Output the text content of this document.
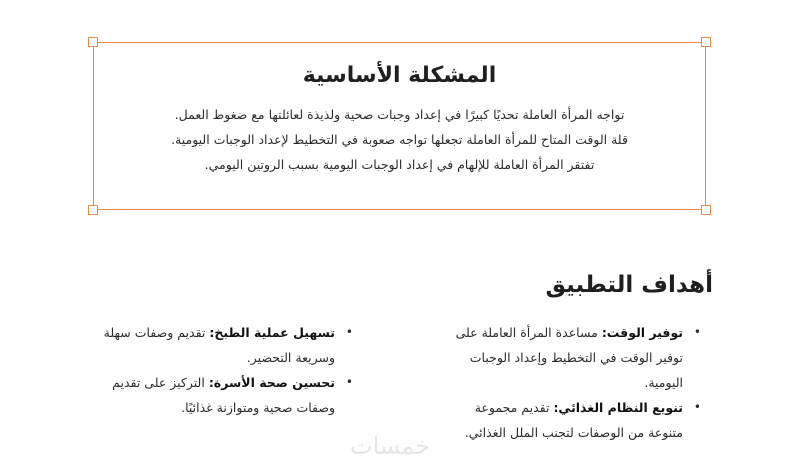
المشكلة الأساسية
تواجه المرأة العاملة تحديًا كبيرًا في إعداد وجبات صحية ولذيذة لعائلتها مع ضغوط العمل.
قلة الوقت المتاح للمرأة العاملة تجعلها تواجه صعوبة في التخطيط لإعداد الوجبات اليومية.
تفتقر المرأة العاملة للإلهام في إعداد الوجبات اليومية بسبب الروتين اليومي.
أهداف التطبيق
•
توفير الوقت: مساعدة المرأة العاملة على توفير الوقت في التخطيط وإعداد الوجبات اليومية.
•
تنويع النظام الغذائي: تقديم مجموعة متنوعة من الوصفات لتجنب الملل الغذائي.
•
تسهيل عملية الطبخ: تقديم وصفات سهلة وسريعة التحضير.
•
تحسين صحة الأسرة: التركيز على تقديم وصفات صحية ومتوازنة غذائيًا.
خمسات
